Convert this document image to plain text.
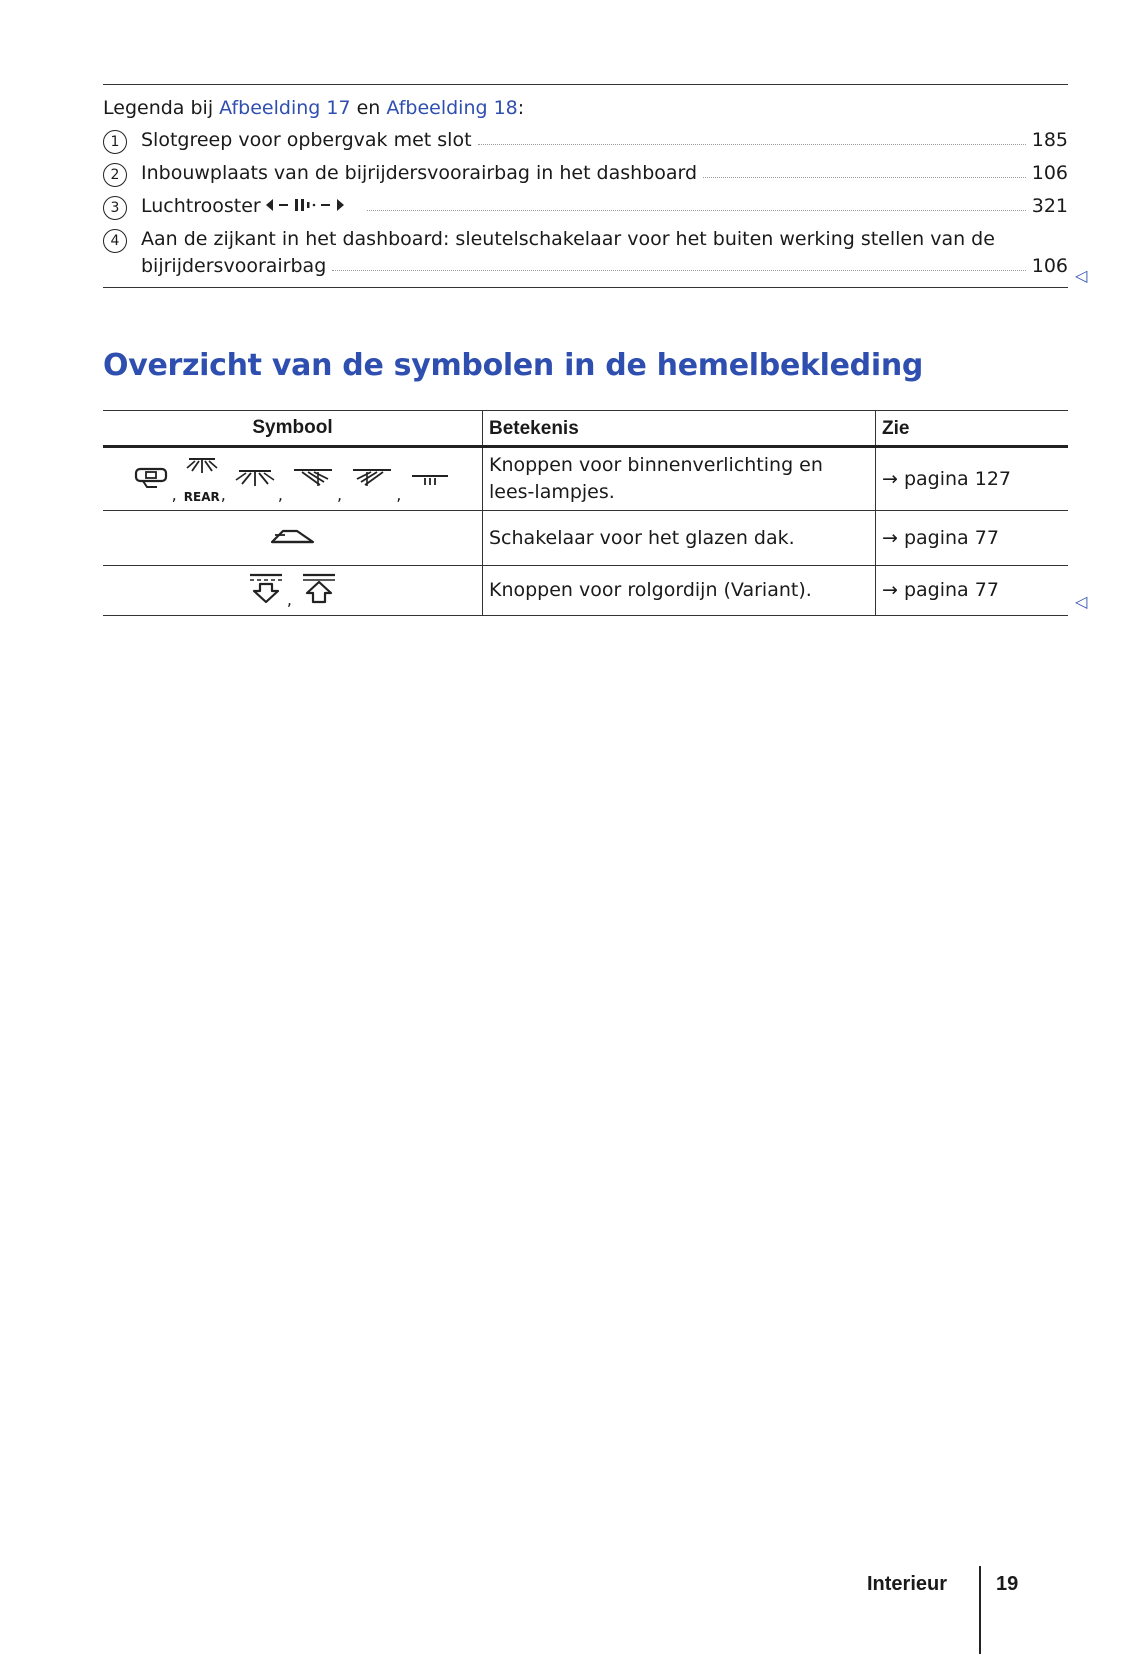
Legenda bij Afbeelding 17 en Afbeelding 18:
1	Slotgreep voor opbergvak met slot	185
2	Inbouwplaats van de bijrijdersvoorairbag in het dashboard	106
3	Luchtrooster	321
4	Aan de zijkant in het dashboard: sleutelschakelaar voor het buiten werking stellen van de
bijrijdersvoorairbag	106 ◁
Overzicht van de symbolen in de hemelbekleding
Symbool	Betekenis	Zie
, REAR, , , ,	Knoppen voor binnenverlichting en lees-lampjes.	→ pagina 127
	Schakelaar voor het glazen dak.	→ pagina 77
,	Knoppen voor rolgordijn (Variant).	→ pagina 77
◁
Interieur 19
